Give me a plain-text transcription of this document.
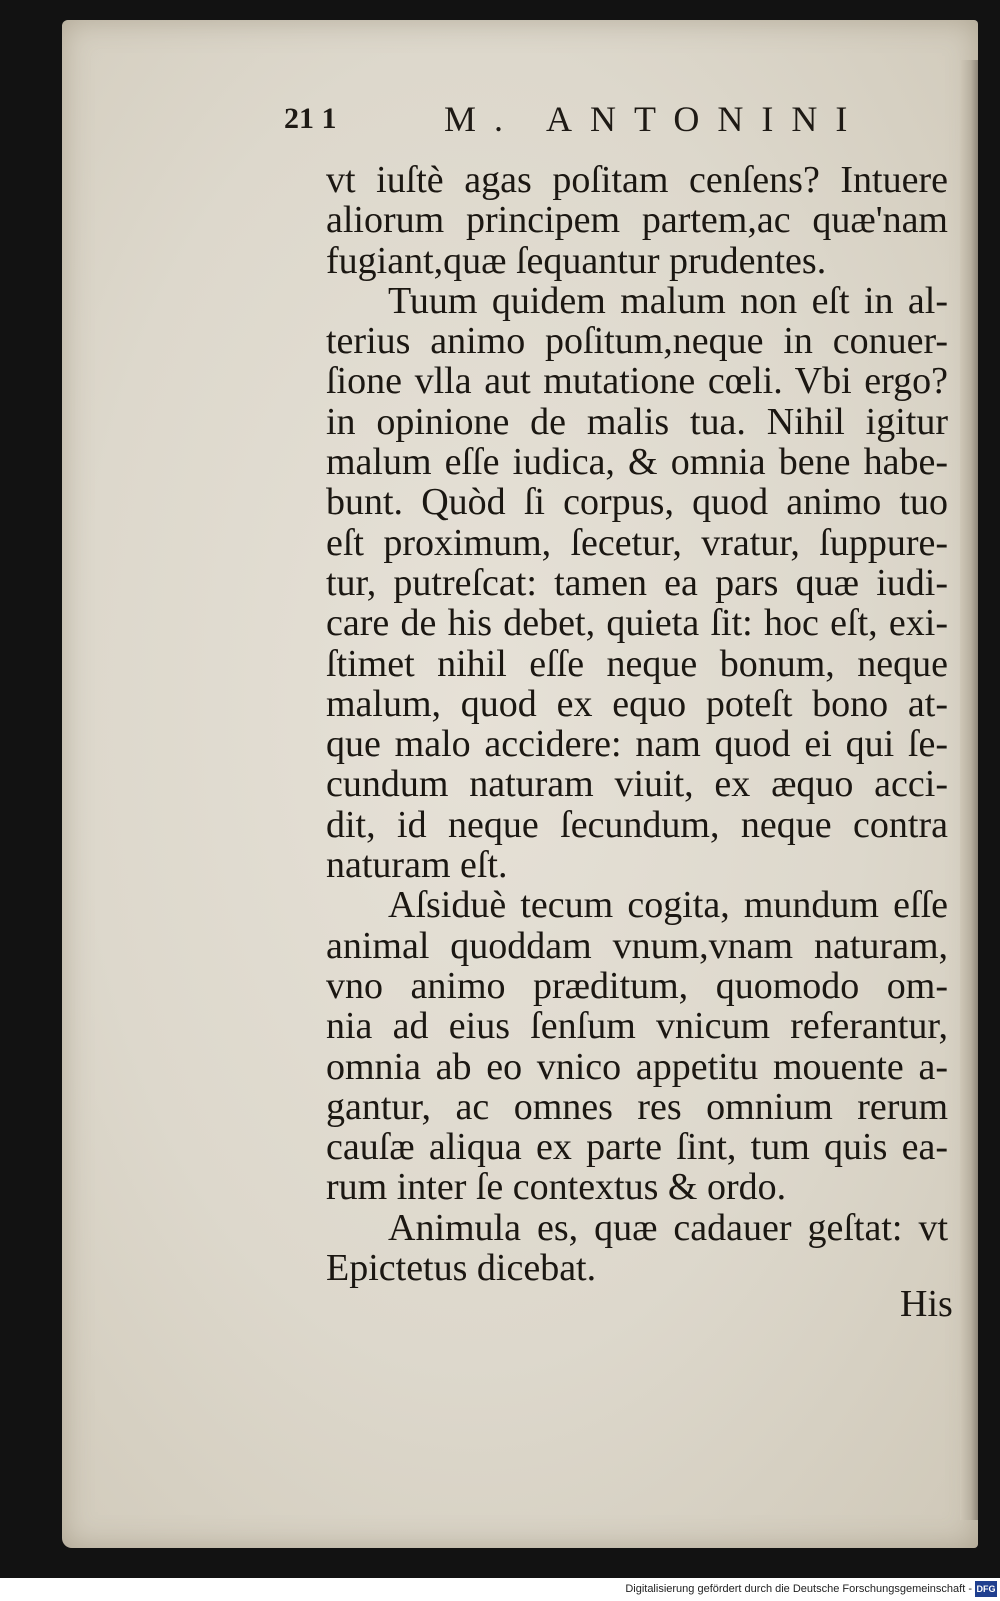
21 1	M. ANTONINI
vt iuſtè agas poſitam cenſens? Intuere
aliorum principem partem,ac quæ'nam
fugiant,quæ ſequantur prudentes.
Tuum quidem malum non eſt in al-
terius animo poſitum,neque in conuer-
ſione vlla aut mutatione cœli. Vbi ergo?
in opinione de malis tua. Nihil igitur
malum eſſe iudica, & omnia bene habe-
bunt. Quòd ſi corpus, quod animo tuo
eſt proximum, ſecetur, vratur, ſuppure-
tur, putreſcat: tamen ea pars quæ iudi-
care de his debet, quieta ſit: hoc eſt, exi-
ſtimet nihil eſſe neque bonum, neque
malum, quod ex equo poteſt bono at-
que malo accidere: nam quod ei qui ſe-
cundum naturam viuit, ex æquo acci-
dit, id neque ſecundum, neque contra
naturam eſt.
Aſsiduè tecum cogita, mundum eſſe
animal quoddam vnum,vnam naturam,
vno animo præditum, quomodo om-
nia ad eius ſenſum vnicum referantur,
omnia ab eo vnico appetitu mouente a-
gantur, ac omnes res omnium rerum
cauſæ aliqua ex parte ſint, tum quis ea-
rum inter ſe contextus & ordo.
Animula es, quæ cadauer geſtat: vt
Epictetus dicebat.
His
Digitalisierung gefördert durch die Deutsche Forschungsgemeinschaft - DFG
